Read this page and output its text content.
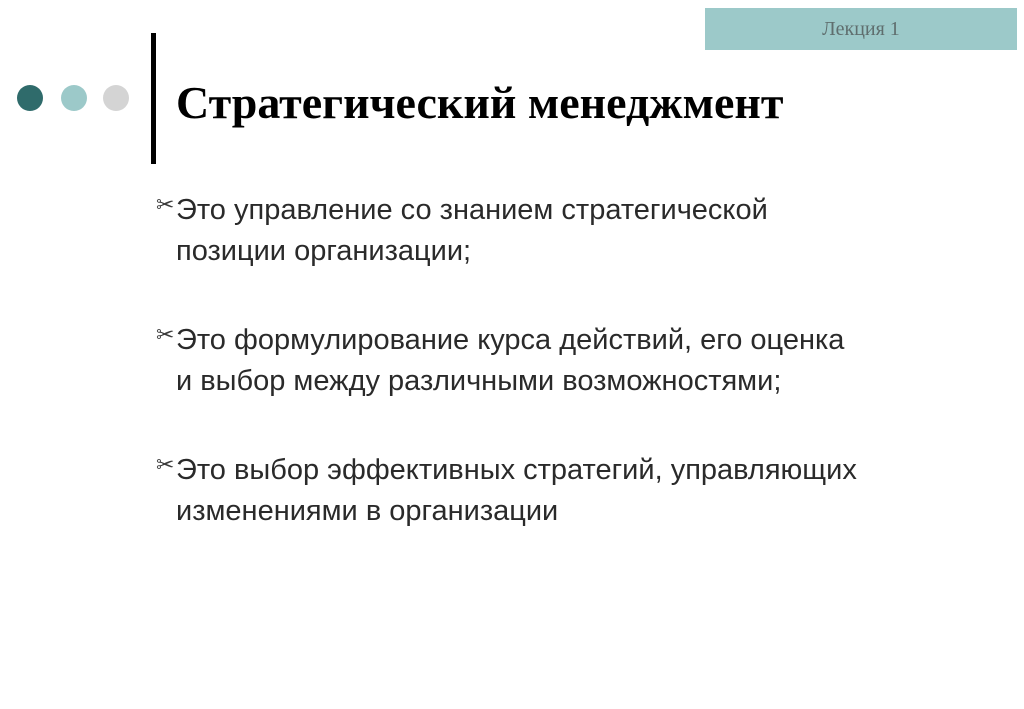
Лекция 1
Стратегический менеджмент
✂ Это управление со знанием стратегической
позиции организации;
✂ Это формулирование курса действий, его оценка
и выбор между различными возможностями;
✂ Это выбор эффективных стратегий, управляющих
изменениями в организации
